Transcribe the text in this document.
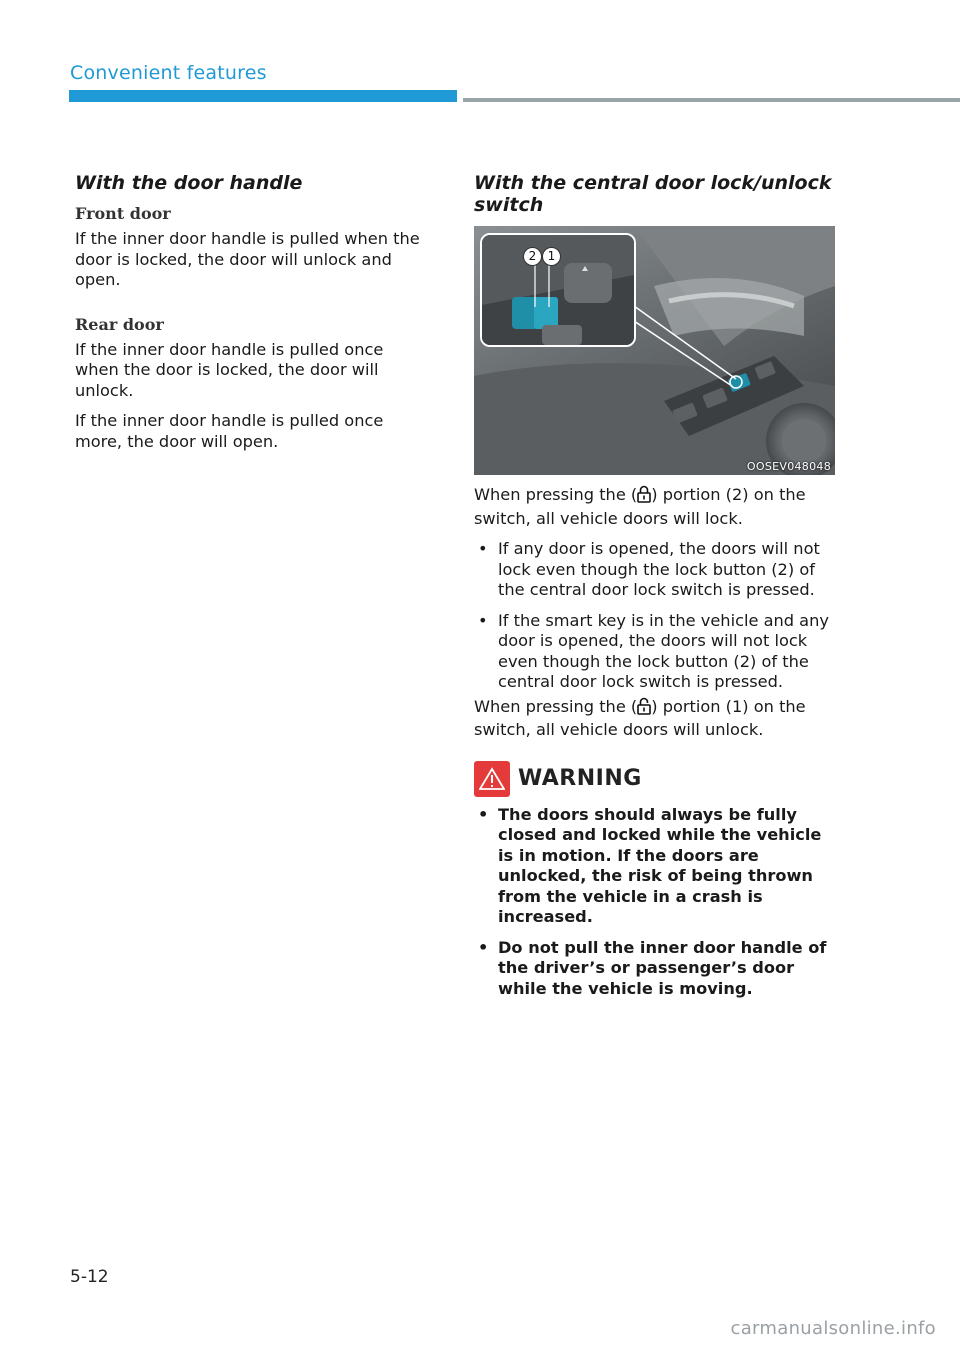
Convenient features
With the door handle
Front door

If the inner door handle is pulled when the door is locked, the door will unlock and open.

Rear door

If the inner door handle is pulled once when the door is locked, the door will unlock.

If the inner door handle is pulled once more, the door will open.

With the central door lock/unlock switch
2 1
OOSEV048048

When pressing the ( ) portion (2) on the switch, all vehicle doors will lock.

• If any door is opened, the doors will not lock even though the lock button (2) of the central door lock switch is pressed.
• If the smart key is in the vehicle and any door is opened, the doors will not lock even though the lock button (2) of the central door lock switch is pressed.

When pressing the ( ) portion (1) on the switch, all vehicle doors will unlock.

WARNING
• The doors should always be fully closed and locked while the vehicle is in motion. If the doors are unlocked, the risk of being thrown from the vehicle in a crash is increased.
• Do not pull the inner door handle of the driver’s or passenger’s door while the vehicle is moving.
5-12
carmanualsonline.info
